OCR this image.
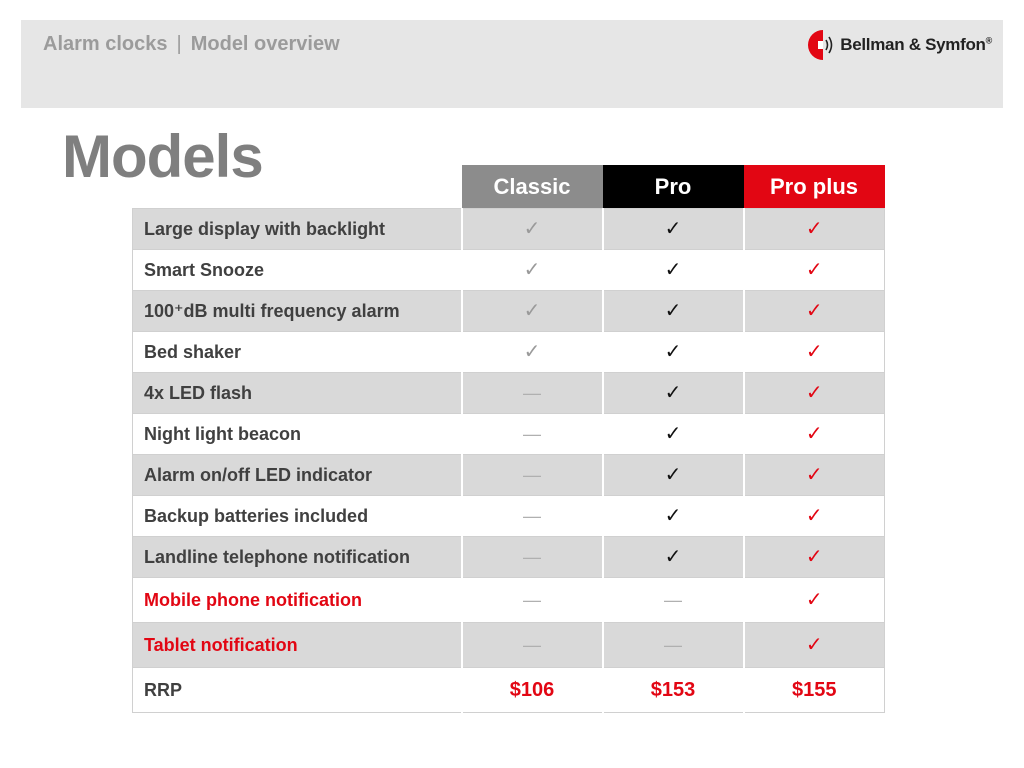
Alarm clocks | Model overview	Bellman & Symfon®
Models
		Classic	Pro	Pro plus
Large display with backlight	✓	✓	✓
Smart Snooze	✓	✓	✓
100⁺dB multi frequency alarm	✓	✓	✓
Bed shaker	✓	✓	✓
4x LED flash	—	✓	✓
Night light beacon	—	✓	✓
Alarm on/off LED indicator	—	✓	✓
Backup batteries included	—	✓	✓
Landline telephone notification	—	✓	✓
Mobile phone notification	—	—	✓
Tablet notification	—	—	✓
RRP	$106	$153	$155
